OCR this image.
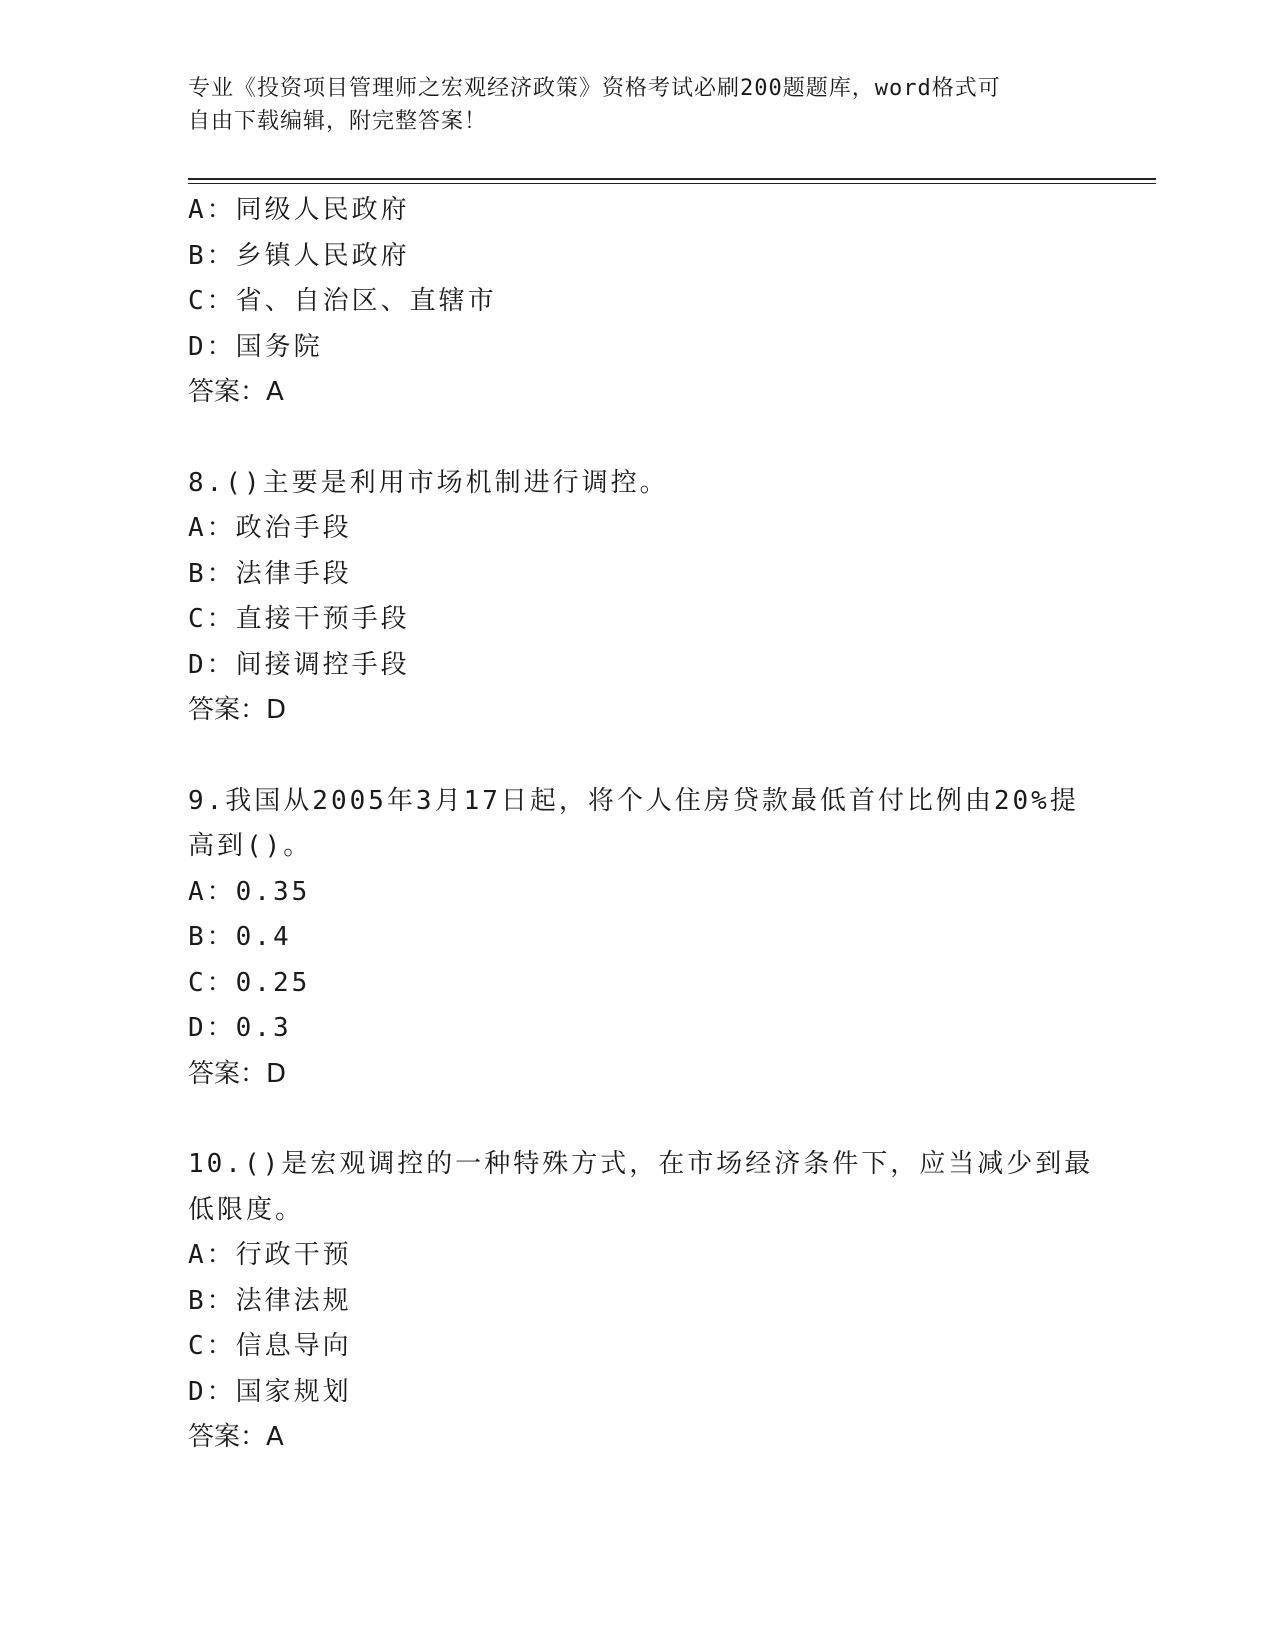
专业《投资项目管理师之宏观经济政策》资格考试必刷200题题库，word格式可
自由下载编辑，附完整答案！
A：同级人民政府
B：乡镇人民政府
C：省、自治区、直辖市
D：国务院
答案：A
8.()主要是利用市场机制进行调控。
A：政治手段
B：法律手段
C：直接干预手段
D：间接调控手段
答案：D
9.我国从2005年3月17日起，将个人住房贷款最低首付比例由20%提
高到()。
A：0.35
B：0.4
C：0.25
D：0.3
答案：D
10.()是宏观调控的一种特殊方式，在市场经济条件下，应当减少到最
低限度。
A：行政干预
B：法律法规
C：信息导向
D：国家规划
答案：A
